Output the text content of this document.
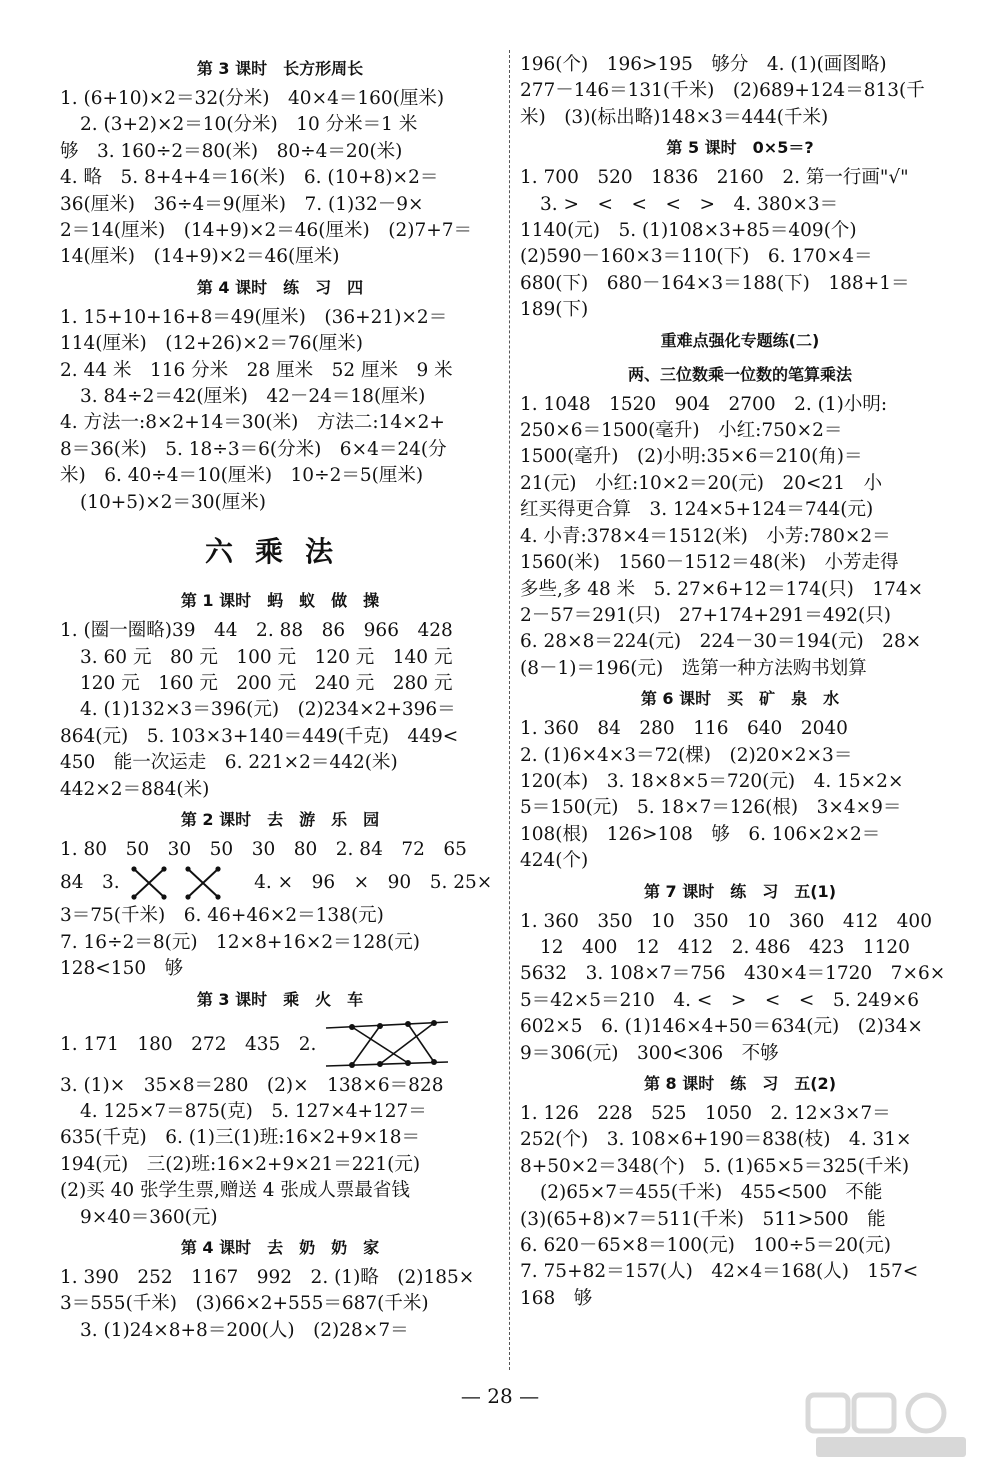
第 3 课时　长方形周长
1. (6+10)×2＝32(分米)　40×4＝160(厘米)
2. (3+2)×2＝10(分米)　10 分米＝1 米
够　3. 160÷2＝80(米)　80÷4＝20(米)
4. 略　5. 8+4+4＝16(米)　6. (10+8)×2＝
36(厘米)　36÷4＝9(厘米)　7. (1)32－9×
2＝14(厘米)　(14+9)×2＝46(厘米)　(2)7+7＝
14(厘米)　(14+9)×2＝46(厘米)
第 4 课时　练　习　四
1. 15+10+16+8＝49(厘米)　(36+21)×2＝
114(厘米)　(12+26)×2＝76(厘米)
2. 44 米　116 分米　28 厘米　52 厘米　9 米
3. 84÷2＝42(厘米)　42－24＝18(厘米)
4. 方法一:8×2+14＝30(米)　方法二:14×2+
8＝36(米)　5. 18÷3＝6(分米)　6×4＝24(分
米)　6. 40÷4＝10(厘米)　10÷2＝5(厘米)
(10+5)×2＝30(厘米)
六乘法
第 1 课时　蚂　蚁　做　操
1. (圈一圈略)39　44　2. 88　86　966　428
3. 60 元　80 元　100 元　120 元　140 元
120 元　160 元　200 元　240 元　280 元
4. (1)132×3＝396(元)　(2)234×2+396＝
864(元)　5. 103×3+140＝449(千克)　449<
450　能一次运走　6. 221×2＝442(米)
442×2＝884(米)
第 2 课时　去　游　乐　园
1. 80　50　30　50　30　80　2. 84　72　65
84　3.	　4. ×　96　×　90　5. 25×
3＝75(千米)　6. 46+46×2＝138(元)
7. 16÷2＝8(元)　12×8+16×2＝128(元)
128<150　够
第 3 课时　乘　火　车
1. 171　180　272　435　2.
3. (1)×　35×8＝280　(2)×　138×6＝828
4. 125×7＝875(克)　5. 127×4+127＝
635(千克)　6. (1)三(1)班:16×2+9×18＝
194(元)　三(2)班:16×2+9×21＝221(元)
(2)买 40 张学生票,赠送 4 张成人票最省钱
9×40＝360(元)
第 4 课时　去　奶　奶　家
1. 390　252　1167　992　2. (1)略　(2)185×
3＝555(千米)　(3)66×2+555＝687(千米)
3. (1)24×8+8＝200(人)　(2)28×7＝
196(个)　196>195　够分　4. (1)(画图略)
277－146＝131(千米)　(2)689+124＝813(千
米)　(3)(标出略)148×3＝444(千米)
第 5 课时　0×5＝?
1. 700　520　1836　2160　2. 第一行画"√"
3. >　<　<　<　>　4. 380×3＝
1140(元)　5. (1)108×3+85＝409(个)
(2)590－160×3＝110(下)　6. 170×4＝
680(下)　680－164×3＝188(下)　188+1＝
189(下)
重难点强化专题练(二)
两、三位数乘一位数的笔算乘法
1. 1048　1520　904　2700　2. (1)小明:
250×6＝1500(毫升)　小红:750×2＝
1500(毫升)　(2)小明:35×6＝210(角)＝
21(元)　小红:10×2＝20(元)　20<21　小
红买得更合算　3. 124×5+124＝744(元)
4. 小青:378×4＝1512(米)　小芳:780×2＝
1560(米)　1560－1512＝48(米)　小芳走得
多些,多 48 米　5. 27×6+12＝174(只)　174×
2－57＝291(只)　27+174+291＝492(只)
6. 28×8＝224(元)　224－30＝194(元)　28×
(8－1)＝196(元)　选第一种方法购书划算
第 6 课时　买　矿　泉　水
1. 360　84　280　116　640　2040
2. (1)6×4×3＝72(棵)　(2)20×2×3＝
120(本)　3. 18×8×5＝720(元)　4. 15×2×
5＝150(元)　5. 18×7＝126(根)　3×4×9＝
108(根)　126>108　够　6. 106×2×2＝
424(个)
第 7 课时　练　习　五(1)
1. 360　350　10　350　10　360　412　400
12　400　12　412　2. 486　423　1120
5632　3. 108×7＝756　430×4＝1720　7×6×
5＝42×5＝210　4. <　>　<　<　5. 249×6
602×5　6. (1)146×4+50＝634(元)　(2)34×
9＝306(元)　300<306　不够
第 8 课时　练　习　五(2)
1. 126　228　525　1050　2. 12×3×7＝
252(个)　3. 108×6+190＝838(枝)　4. 31×
8+50×2＝348(个)　5. (1)65×5＝325(千米)
(2)65×7＝455(千米)　455<500　不能
(3)(65+8)×7＝511(千米)　511>500　能
6. 620－65×8＝100(元)　100÷5＝20(元)
7. 75+82＝157(人)　42×4＝168(人)　157<
168　够
— 28 —
